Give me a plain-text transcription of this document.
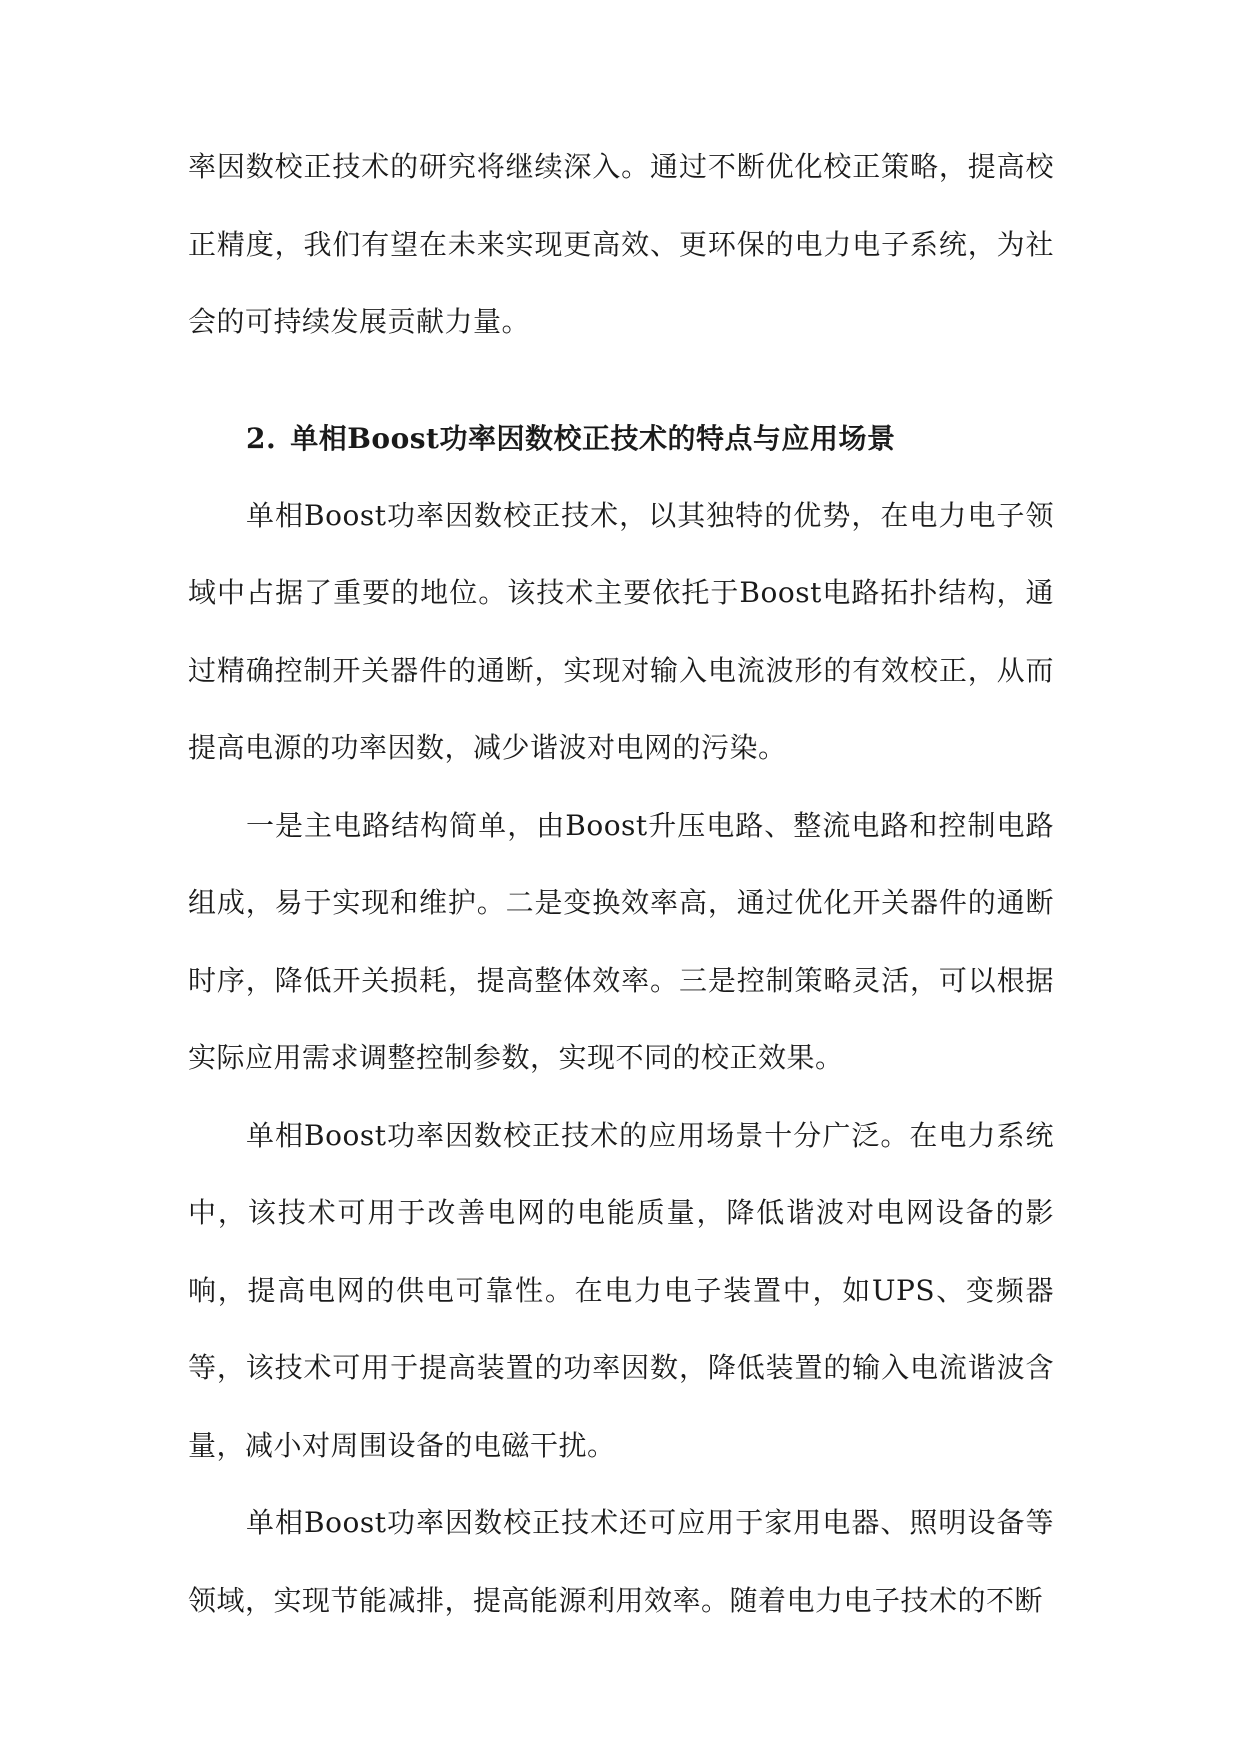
率因数校正技术的研究将继续深入。通过不断优化校正策略，提高校正精度，我们有望在未来实现更高效、更环保的电力电子系统，为社会的可持续发展贡献力量。

2. 单相Boost功率因数校正技术的特点与应用场景

单相Boost功率因数校正技术，以其独特的优势，在电力电子领域中占据了重要的地位。该技术主要依托于Boost电路拓扑结构，通过精确控制开关器件的通断，实现对输入电流波形的有效校正，从而提高电源的功率因数，减少谐波对电网的污染。

一是主电路结构简单，由Boost升压电路、整流电路和控制电路组成，易于实现和维护。二是变换效率高，通过优化开关器件的通断时序，降低开关损耗，提高整体效率。三是控制策略灵活，可以根据实际应用需求调整控制参数，实现不同的校正效果。

单相Boost功率因数校正技术的应用场景十分广泛。在电力系统中，该技术可用于改善电网的电能质量，降低谐波对电网设备的影响，提高电网的供电可靠性。在电力电子装置中，如UPS、变频器等，该技术可用于提高装置的功率因数，降低装置的输入电流谐波含量，减小对周围设备的电磁干扰。

单相Boost功率因数校正技术还可应用于家用电器、照明设备等领域，实现节能减排，提高能源利用效率。随着电力电子技术的不断
